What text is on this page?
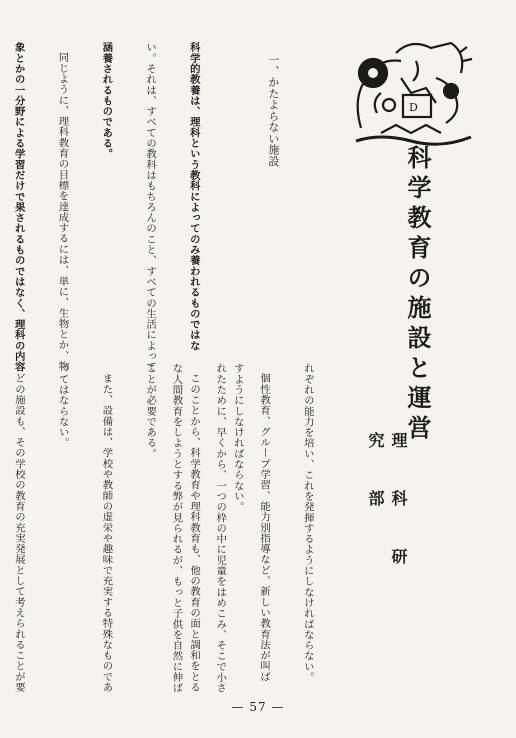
D
科学教育の施設と運営
理　科　研　究　部

一、かたよらない施設

科学的教養は、理科という教科によってのみ養われるものではな

い。それは、すべての教科はもちろんのこと、すべての生活によって

涵養されるものである。

同じように、理科教育の目標を達成するには、単に、生物とか、物

象とかの一分野による学習だけで果されるものではなく、理科の内容

れぞれの能力を培い、これを発揮するようにしなければならない。

個性教育、グループ学習、能力別指導など、新しい教育法が叫ば

れたために、早くから、一つの枠の中に児童をはめこみ、そこで小さ

な人間教育をしようとする弊が見られるが、もっと子供を自然に伸ば

	すようにしなければならない。

このことから、科学教育や理科教育も、他の教育の面と調和をとる

ことが必要である。

また、設備は、学校や教師の虚栄や趣味で充実する特殊なものであ

ってはならない。

どの施設も、その学校の教育の充実発展として考えられることが要

— 57 —
